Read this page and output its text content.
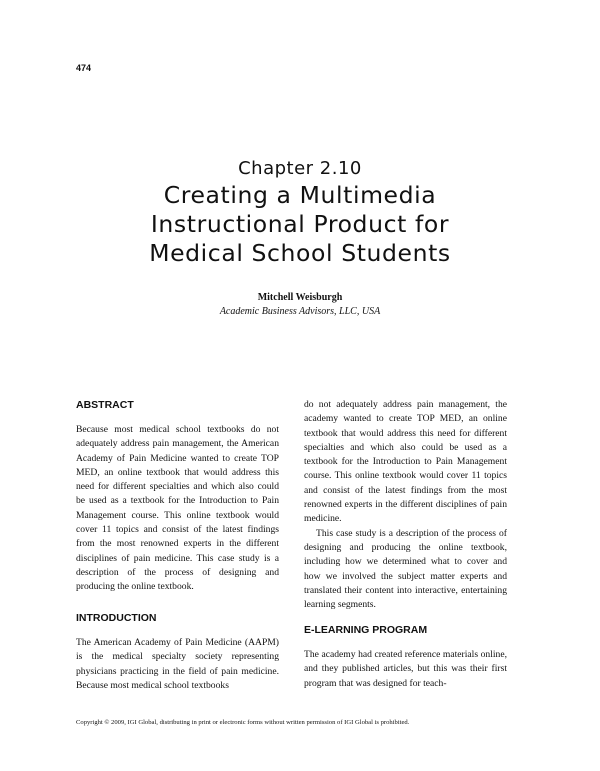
474
Chapter 2.10
Creating a Multimedia Instructional Product for Medical School Students
Mitchell Weisburgh
Academic Business Advisors, LLC, USA
ABSTRACT

Because most medical school textbooks do not adequately address pain management, the American Academy of Pain Medicine wanted to create TOP MED, an online textbook that would address this need for different specialties and which also could be used as a textbook for the Introduction to Pain Management course. This online textbook would cover 11 topics and consist of the latest findings from the most renowned experts in the different disciplines of pain medicine. This case study is a description of the process of designing and producing the online textbook.

INTRODUCTION

The American Academy of Pain Medicine (AAPM) is the medical specialty society representing physicians practicing in the field of pain medicine. Because most medical school textbooks

do not adequately address pain management, the academy wanted to create TOP MED, an online textbook that would address this need for different specialties and which also could be used as a textbook for the Introduction to Pain Management course. This online textbook would cover 11 topics and consist of the latest findings from the most renowned experts in the different disciplines of pain medicine.

This case study is a description of the process of designing and producing the online textbook, including how we determined what to cover and how we involved the subject matter experts and translated their content into interactive, entertaining learning segments.

E-LEARNING PROGRAM

The academy had created reference materials online, and they published articles, but this was their first program that was designed for teach-

Copyright © 2009, IGI Global, distributing in print or electronic forms without written permission of IGI Global is prohibited.
